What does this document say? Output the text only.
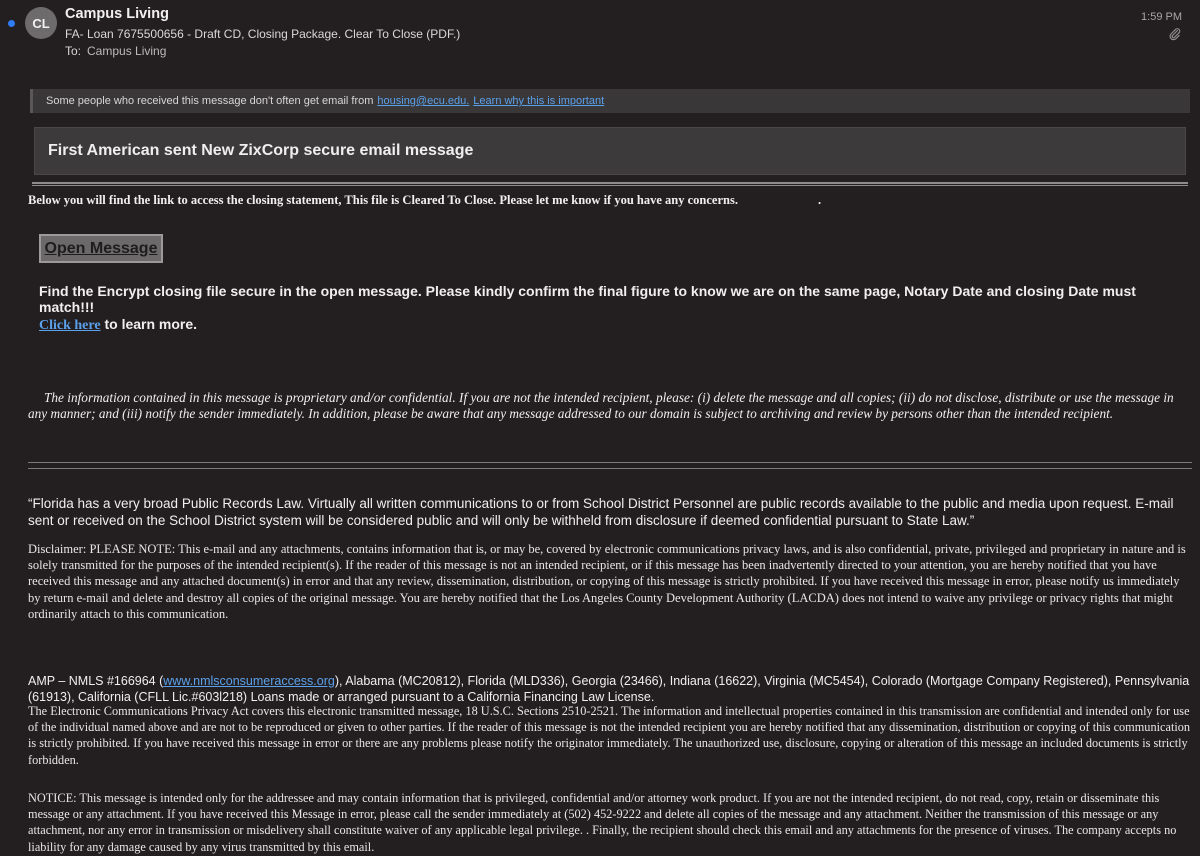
CL
Campus Living
FA- Loan 7675500656 - Draft CD, Closing Package. Clear To Close (PDF.)
To: Campus Living
1:59 PM
Some people who received this message don't often get email from housing@ecu.edu. Learn why this is important
First American sent New ZixCorp secure email message
Below you will find the link to access the closing statement, This file is Cleared To Close. Please let me know if you have any concerns.	.
Open Message
Find the Encrypt closing file secure in the open message. Please kindly confirm the final figure to know we are on the same page, Notary Date and closing Date must match!!!
Click here to learn more.
The information contained in this message is proprietary and/or confidential. If you are not the intended recipient, please: (i) delete the message and all copies; (ii) do not disclose, distribute or use the message in any manner; and (iii) notify the sender immediately. In addition, please be aware that any message addressed to our domain is subject to archiving and review by persons other than the intended recipient.
“Florida has a very broad Public Records Law. Virtually all written communications to or from School District Personnel are public records available to the public and media upon request. E-mail sent or received on the School District system will be considered public and will only be withheld from disclosure if deemed confidential pursuant to State Law.”
Disclaimer: PLEASE NOTE: This e-mail and any attachments, contains information that is, or may be, covered by electronic communications privacy laws, and is also confidential, private, privileged and proprietary in nature and is solely transmitted for the purposes of the intended recipient(s). If the reader of this message is not an intended recipient, or if this message has been inadvertently directed to your attention, you are hereby notified that you have received this message and any attached document(s) in error and that any review, dissemination, distribution, or copying of this message is strictly prohibited. If you have received this message in error, please notify us immediately by return e-mail and delete and destroy all copies of the original message. You are hereby notified that the Los Angeles County Development Authority (LACDA) does not intend to waive any privilege or privacy rights that might ordinarily attach to this communication.
AMP – NMLS #166964 (www.nmlsconsumeraccess.org), Alabama (MC20812), Florida (MLD336), Georgia (23466), Indiana (16622), Virginia (MC5454), Colorado (Mortgage Company Registered), Pennsylvania (61913), California (CFLL Lic.#603l218) Loans made or arranged pursuant to a California Financing Law License.
The Electronic Communications Privacy Act covers this electronic transmitted message, 18 U.S.C. Sections 2510-2521. The information and intellectual properties contained in this transmission are confidential and intended only for use of the individual named above and are not to be reproduced or given to other parties. If the reader of this message is not the intended recipient you are hereby notified that any dissemination, distribution or copying of this communication is strictly prohibited. If you have received this message in error or there are any problems please notify the originator immediately. The unauthorized use, disclosure, copying or alteration of this message an included documents is strictly forbidden.
NOTICE: This message is intended only for the addressee and may contain information that is privileged, confidential and/or attorney work product. If you are not the intended recipient, do not read, copy, retain or disseminate this message or any attachment. If you have received this Message in error, please call the sender immediately at (502) 452-9222 and delete all copies of the message and any attachment. Neither the transmission of this message or any attachment, nor any error in transmission or misdelivery shall constitute waiver of any applicable legal privilege. . Finally, the recipient should check this email and any attachments for the presence of viruses. The company accepts no liability for any damage caused by any virus transmitted by this email.
